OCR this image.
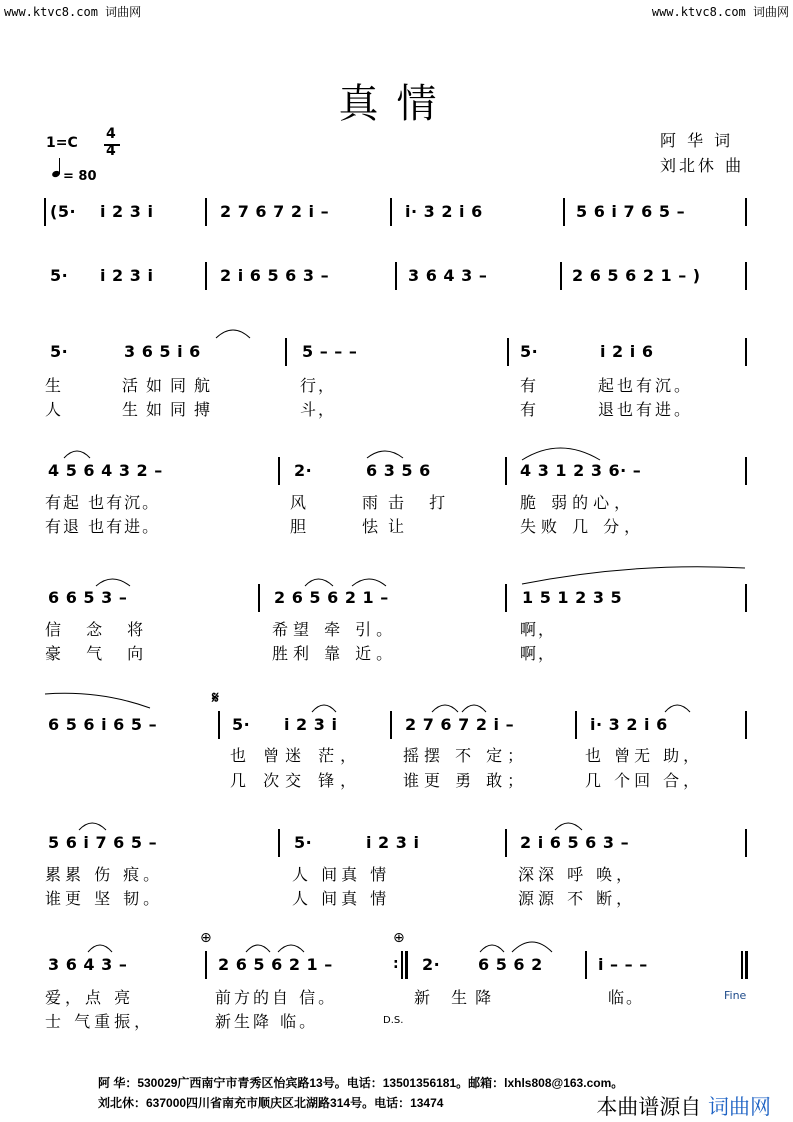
www.ktvc8.com 词曲网	www.ktvc8.com 词曲网
真情
1=C
4
4
= 80
阿 华 词
刘北休 曲
(5· i 2 3 i	2 7 6 7 2 i –	i· 3 2 i 6	5 6 i 7 6 5 –
5· i 2 3 i	2 i 6 5 6 3 –	3 6 4 3 –	2 6 5 6 2 1 – )
5·	3 6 5 i 6	5 – – –	5·	i 2 i 6
生	活如同航	行，	有	起也有沉。
人	生如同搏	斗，	有	退也有进。
4 5 6 4 3 2 –	2·	6 3 5 6	4 3 1 2 3 6· –
有起 也有沉。	风	雨击 打	脆 弱的心，
有退 也有进。	胆	怯让	失败 几 分，
6 6 5 3 –	2 6 5 6 2 1 –	1 5 1 2 3 5
信 念 将	希望 牵 引。	啊，
豪 气 向	胜利 靠 近。	啊，
6 5 6 i 6 5 –
𝄋
5· i 2 3 i	2 7 6 7 2 i –	i· 3 2 i 6
也 曾迷 茫，	摇摆 不 定；	也 曾无 助，
几 次交 锋，	谁更 勇 敢；	几 个回 合，
5 6 i 7 6 5 –	5·	i 2 3 i	2 i 6 5 6 3 –
累累 伤 痕。	人 间真 情	深深 呼 唤，
谁更 坚 韧。	人 间真 情	源源 不 断，
3 6 4 3 –
⊕
2 6 5 6 2 1 –
⊕
: 2· 6 5 6 2	i – – –
爱，点 亮	前方的自 信。	新 生降	临。	Fine
士 气重振，	新生降 临。	D.S.
阿 华：530029广西南宁市青秀区怡宾路13号。电话：13501356181。邮箱：lxhls808@163.com。
刘北休：637000四川省南充市顺庆区北湖路314号。电话：13474	本曲谱源自 词曲网
